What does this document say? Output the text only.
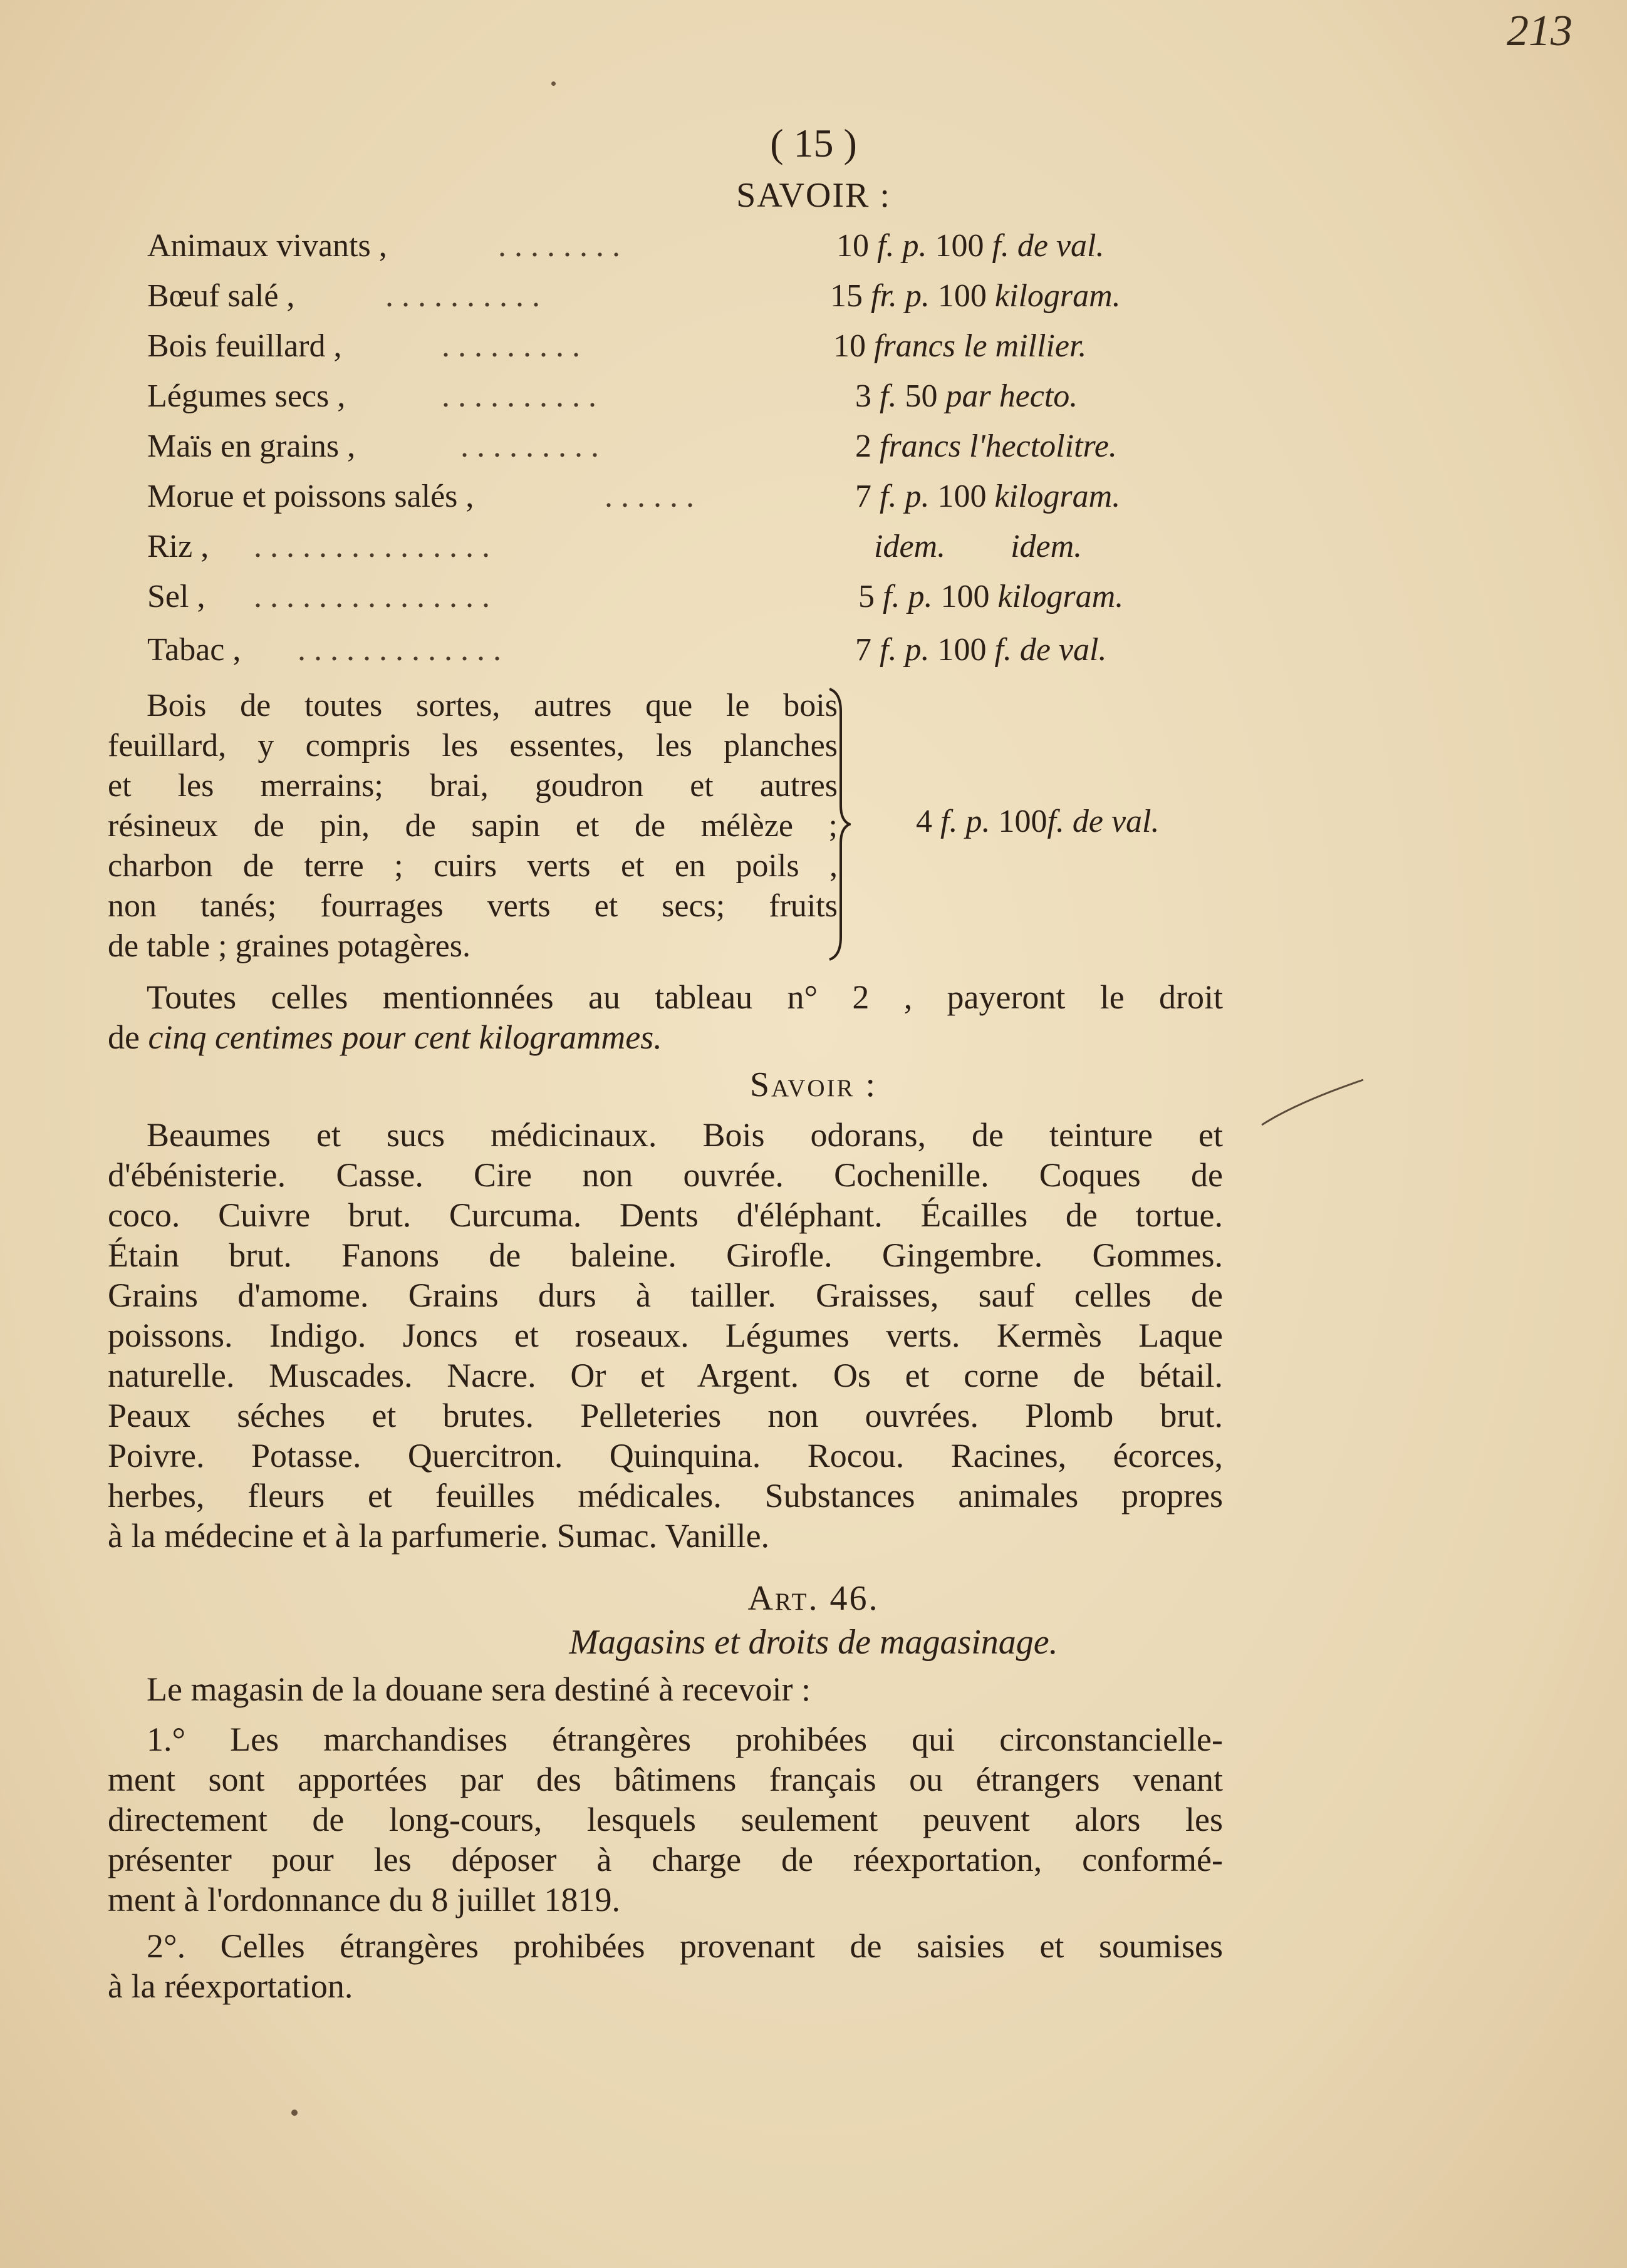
213
( 15 )
SAVOIR :
Animaux vivants ,	. . . . . . . .	10 f. p. 100 f. de val.
Bœuf salé ,	. . . . . . . . . .	15 fr. p. 100 kilogram.
Bois feuillard ,	. . . . . . . . .	10 francs le millier.
Légumes secs ,	. . . . . . . . . .	3 f. 50 par hecto.
Maïs en grains ,	. . . . . . . . .	2 francs l'hectolitre.
Morue et poissons salés ,	. . . . . .	7 f. p. 100 kilogram.
Riz , . . . . . . . . . . . . . . .	idem.        idem.
Sel , . . . . . . . . . . . . . . .	5 f. p. 100 kilogram.
Tabac , . . . . . . . . . . . . .	7 f. p. 100 f. de val.
Bois de toutes sortes, autres que le bois
feuillard, y compris les essentes, les planches
et les merrains; brai, goudron et autres
résineux de pin, de sapin et de mélèze ;
charbon de terre ; cuirs verts et en poils ,
non tanés; fourrages verts et secs; fruits
de table ; graines potagères.
4 f. p. 100f. de val.
Toutes celles mentionnées au tableau n° 2 , payeront le droit
de cinq centimes pour cent kilogrammes.
Savoir :
Beaumes et sucs médicinaux. Bois odorans, de teinture et
d'ébénisterie. Casse. Cire non ouvrée. Cochenille. Coques de
coco. Cuivre brut. Curcuma. Dents d'éléphant. Écailles de tortue.
Étain brut. Fanons de baleine. Girofle. Gingembre. Gommes.
Grains d'amome. Grains durs à tailler. Graisses, sauf celles de
poissons. Indigo. Joncs et roseaux. Légumes verts. Kermès Laque
naturelle. Muscades. Nacre. Or et Argent. Os et corne de bétail.
Peaux séches et brutes. Pelleteries non ouvrées. Plomb brut.
Poivre. Potasse. Quercitron. Quinquina. Rocou. Racines, écorces,
herbes, fleurs et feuilles médicales. Substances animales propres
à la médecine et à la parfumerie. Sumac. Vanille.
Art. 46.
Magasins et droits de magasinage.
Le magasin de la douane sera destiné à recevoir :
1.° Les marchandises étrangères prohibées qui circonstancielle-
ment sont apportées par des bâtimens français ou étrangers venant
directement de long-cours, lesquels seulement peuvent alors les
présenter pour les déposer à charge de réexportation, conformé-
ment à l'ordonnance du 8 juillet 1819.
2°. Celles étrangères prohibées provenant de saisies et soumises
à la réexportation.
